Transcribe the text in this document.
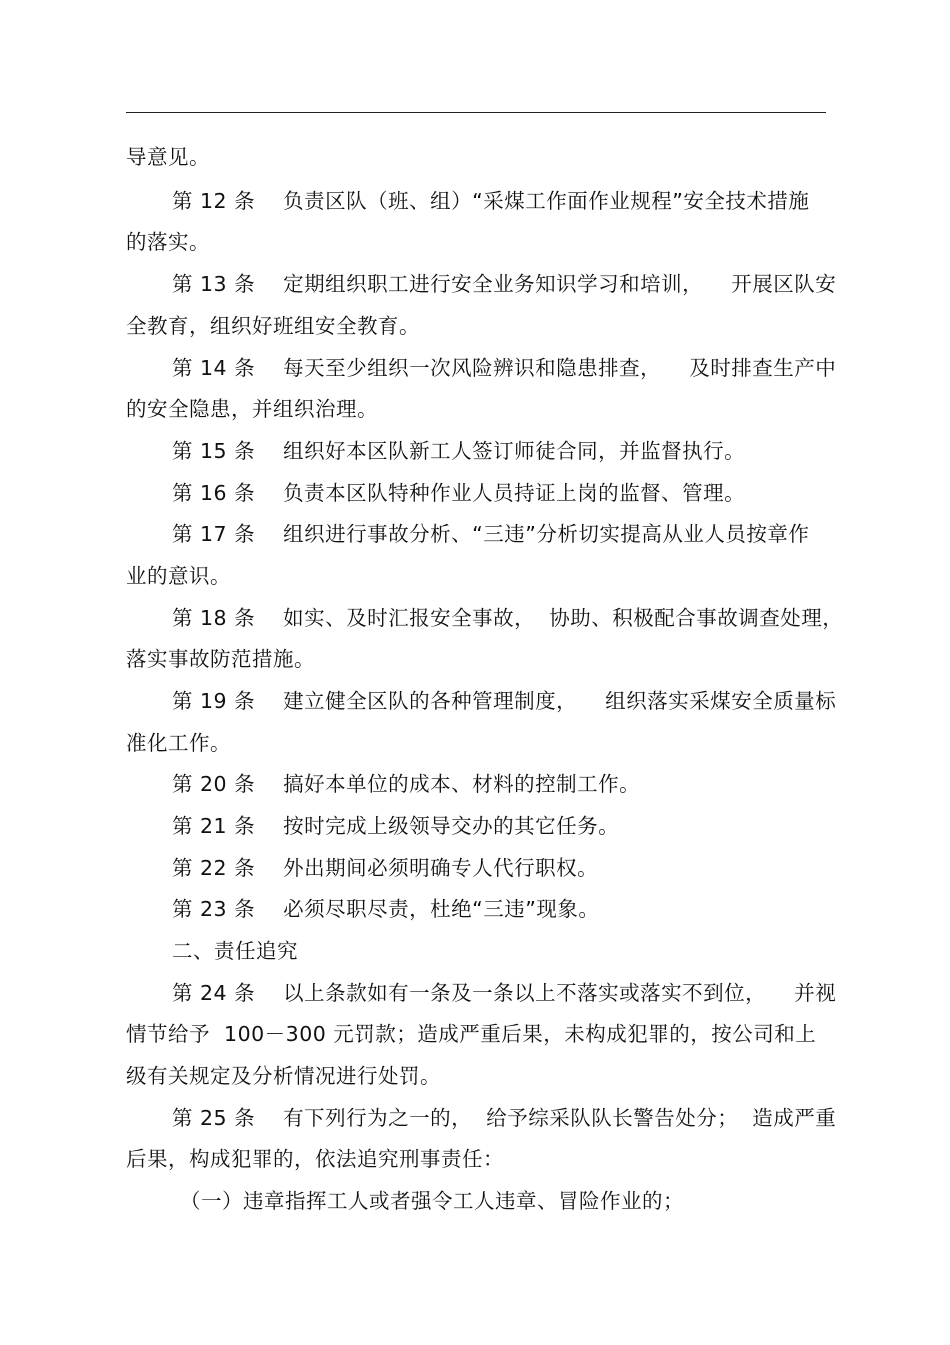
导意见。
第 12 条    负责区队（班、组）“采煤工作面作业规程”安全技术措施
的落实。
第 13 条    定期组织职工进行安全业务知识学习和培训，    开展区队安
全教育，组织好班组安全教育。
第 14 条    每天至少组织一次风险辨识和隐患排查，    及时排查生产中
的安全隐患，并组织治理。
第 15 条    组织好本区队新工人签订师徒合同，并监督执行。
第 16 条    负责本区队特种作业人员持证上岗的监督、管理。
第 17 条    组织进行事故分析、“三违”分析切实提高从业人员按章作
业的意识。
第 18 条    如实、及时汇报安全事故，  协助、积极配合事故调查处理，
落实事故防范措施。
第 19 条    建立健全区队的各种管理制度，    组织落实采煤安全质量标
准化工作。
第 20 条    搞好本单位的成本、材料的控制工作。
第 21 条    按时完成上级领导交办的其它任务。
第 22 条    外出期间必须明确专人代行职权。
第 23 条    必须尽职尽责，杜绝“三违”现象。
二、责任追究
第 24 条    以上条款如有一条及一条以上不落实或落实不到位，    并视
情节给予  100－300 元罚款；造成严重后果，未构成犯罪的，按公司和上
级有关规定及分析情况进行处罚。
第 25 条    有下列行为之一的，  给予综采队队长警告处分；  造成严重
后果，构成犯罪的，依法追究刑事责任：
（一）违章指挥工人或者强令工人违章、冒险作业的；
